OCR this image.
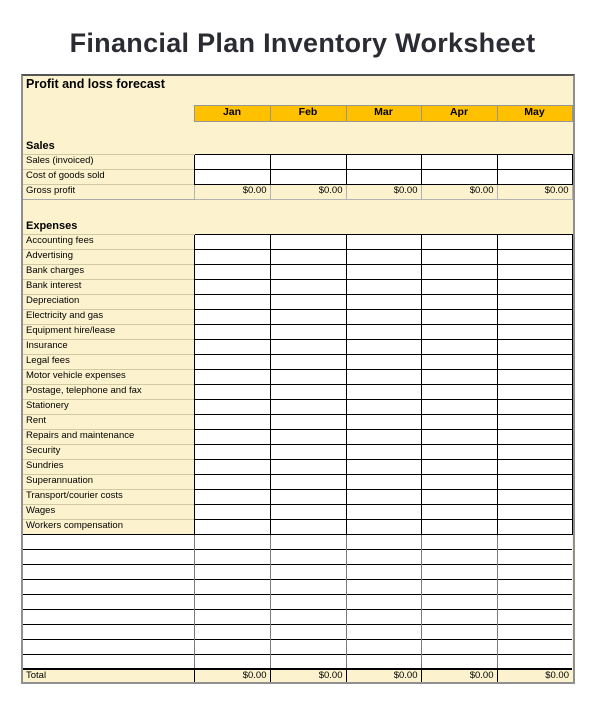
Financial Plan Inventory Worksheet
Profit and loss forecast					

	Jan	Feb	Mar	Apr	May

Sales					
Sales (invoiced)					
Cost of goods sold					
Gross profit	$0.00	$0.00	$0.00	$0.00	$0.00

Expenses					
Accounting fees					
Advertising					
Bank charges					
Bank interest					
Depreciation					
Electricity and gas					
Equipment hire/lease					
Insurance					
Legal fees					
Motor vehicle expenses					
Postage, telephone and fax					
Stationery					
Rent					
Repairs and maintenance					
Security					
Sundries					
Superannuation					
Transport/courier costs					
Wages					
Workers compensation					

Total	$0.00	$0.00	$0.00	$0.00	$0.00
